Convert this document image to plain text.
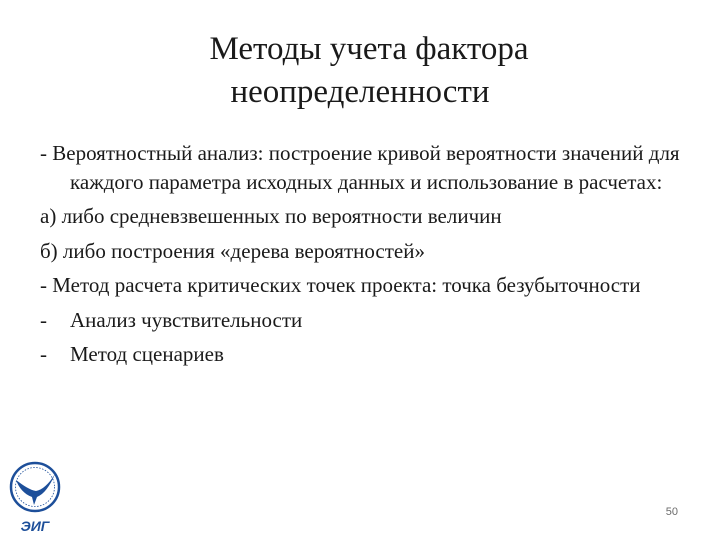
Методы учета фактора
неопределенности

- Вероятностный анализ: построение кривой вероятности значений для каждого параметра исходных данных и использование в расчетах:

а) либо средневзвешенных по вероятности величин

б) либо построения «дерева вероятностей»

- Метод расчета критических точек проекта: точка безубыточности

-	Анализ чувствительности
-	Метод сценариев
ЭИГ
50
